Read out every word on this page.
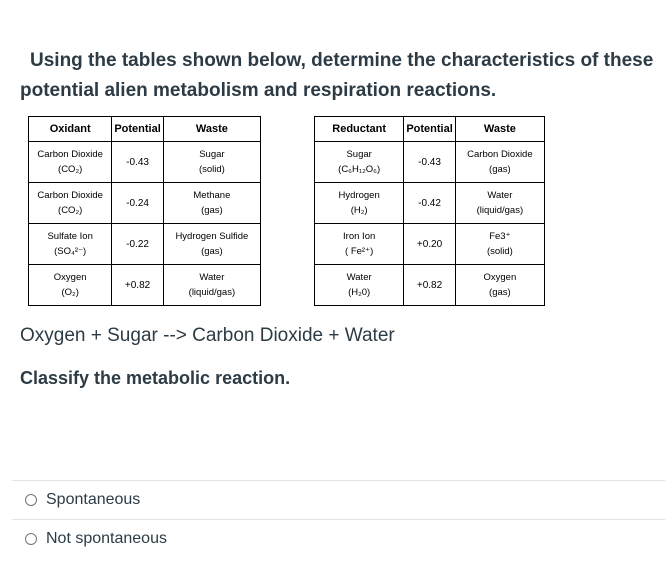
Using the tables shown below, determine the characteristics of these potential alien metabolism and respiration reactions.

Oxidant	Potential	Waste

Carbon Dioxide
(CO₂)	-0.43	Sugar
(solid)

Carbon Dioxide
(CO₂)	-0.24	Methane
(gas)

Sulfate Ion
(SO₄²⁻)	-0.22	Hydrogen Sulfide
(gas)

Oxygen
(O₂)	+0.82	Water
(liquid/gas)
Reductant	Potential	Waste

Sugar
(C₆H₁₂O₆)	-0.43	Carbon Dioxide
(gas)

Hydrogen
(H₂)	-0.42	Water
(liquid/gas)

Iron Ion
( Fe²⁺)	+0.20	Fe3⁺
(solid)

Water
(H₂0)	+0.82	Oxygen
(gas)

Oxygen + Sugar --> Carbon Dioxide + Water

Classify the metabolic reaction.

Spontaneous
Not spontaneous
